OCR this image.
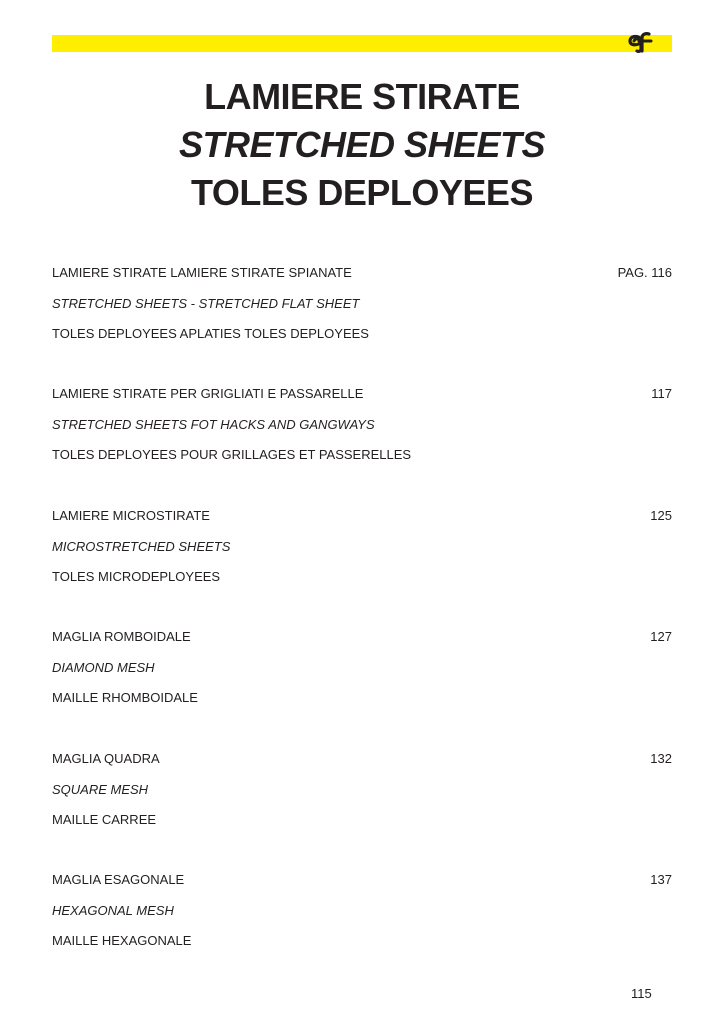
LAMIERE STIRATE
STRETCHED SHEETS
TOLES DEPLOYEES
LAMIERE STIRATE LAMIERE STIRATE SPIANATE
STRETCHED SHEETS - STRETCHED FLAT SHEET
TOLES DEPLOYEES APLATIES TOLES DEPLOYEES
PAG. 116
LAMIERE STIRATE PER GRIGLIATI E PASSARELLE
STRETCHED SHEETS FOT HACKS AND GANGWAYS
TOLES DEPLOYEES POUR GRILLAGES ET PASSERELLES
117
LAMIERE MICROSTIRATE
MICROSTRETCHED SHEETS
TOLES MICRODEPLOYEES
125
MAGLIA ROMBOIDALE
DIAMOND MESH
MAILLE RHOMBOIDALE
127
MAGLIA QUADRA
SQUARE MESH
MAILLE CARREE
132
MAGLIA ESAGONALE
HEXAGONAL MESH
MAILLE HEXAGONALE
137
115
